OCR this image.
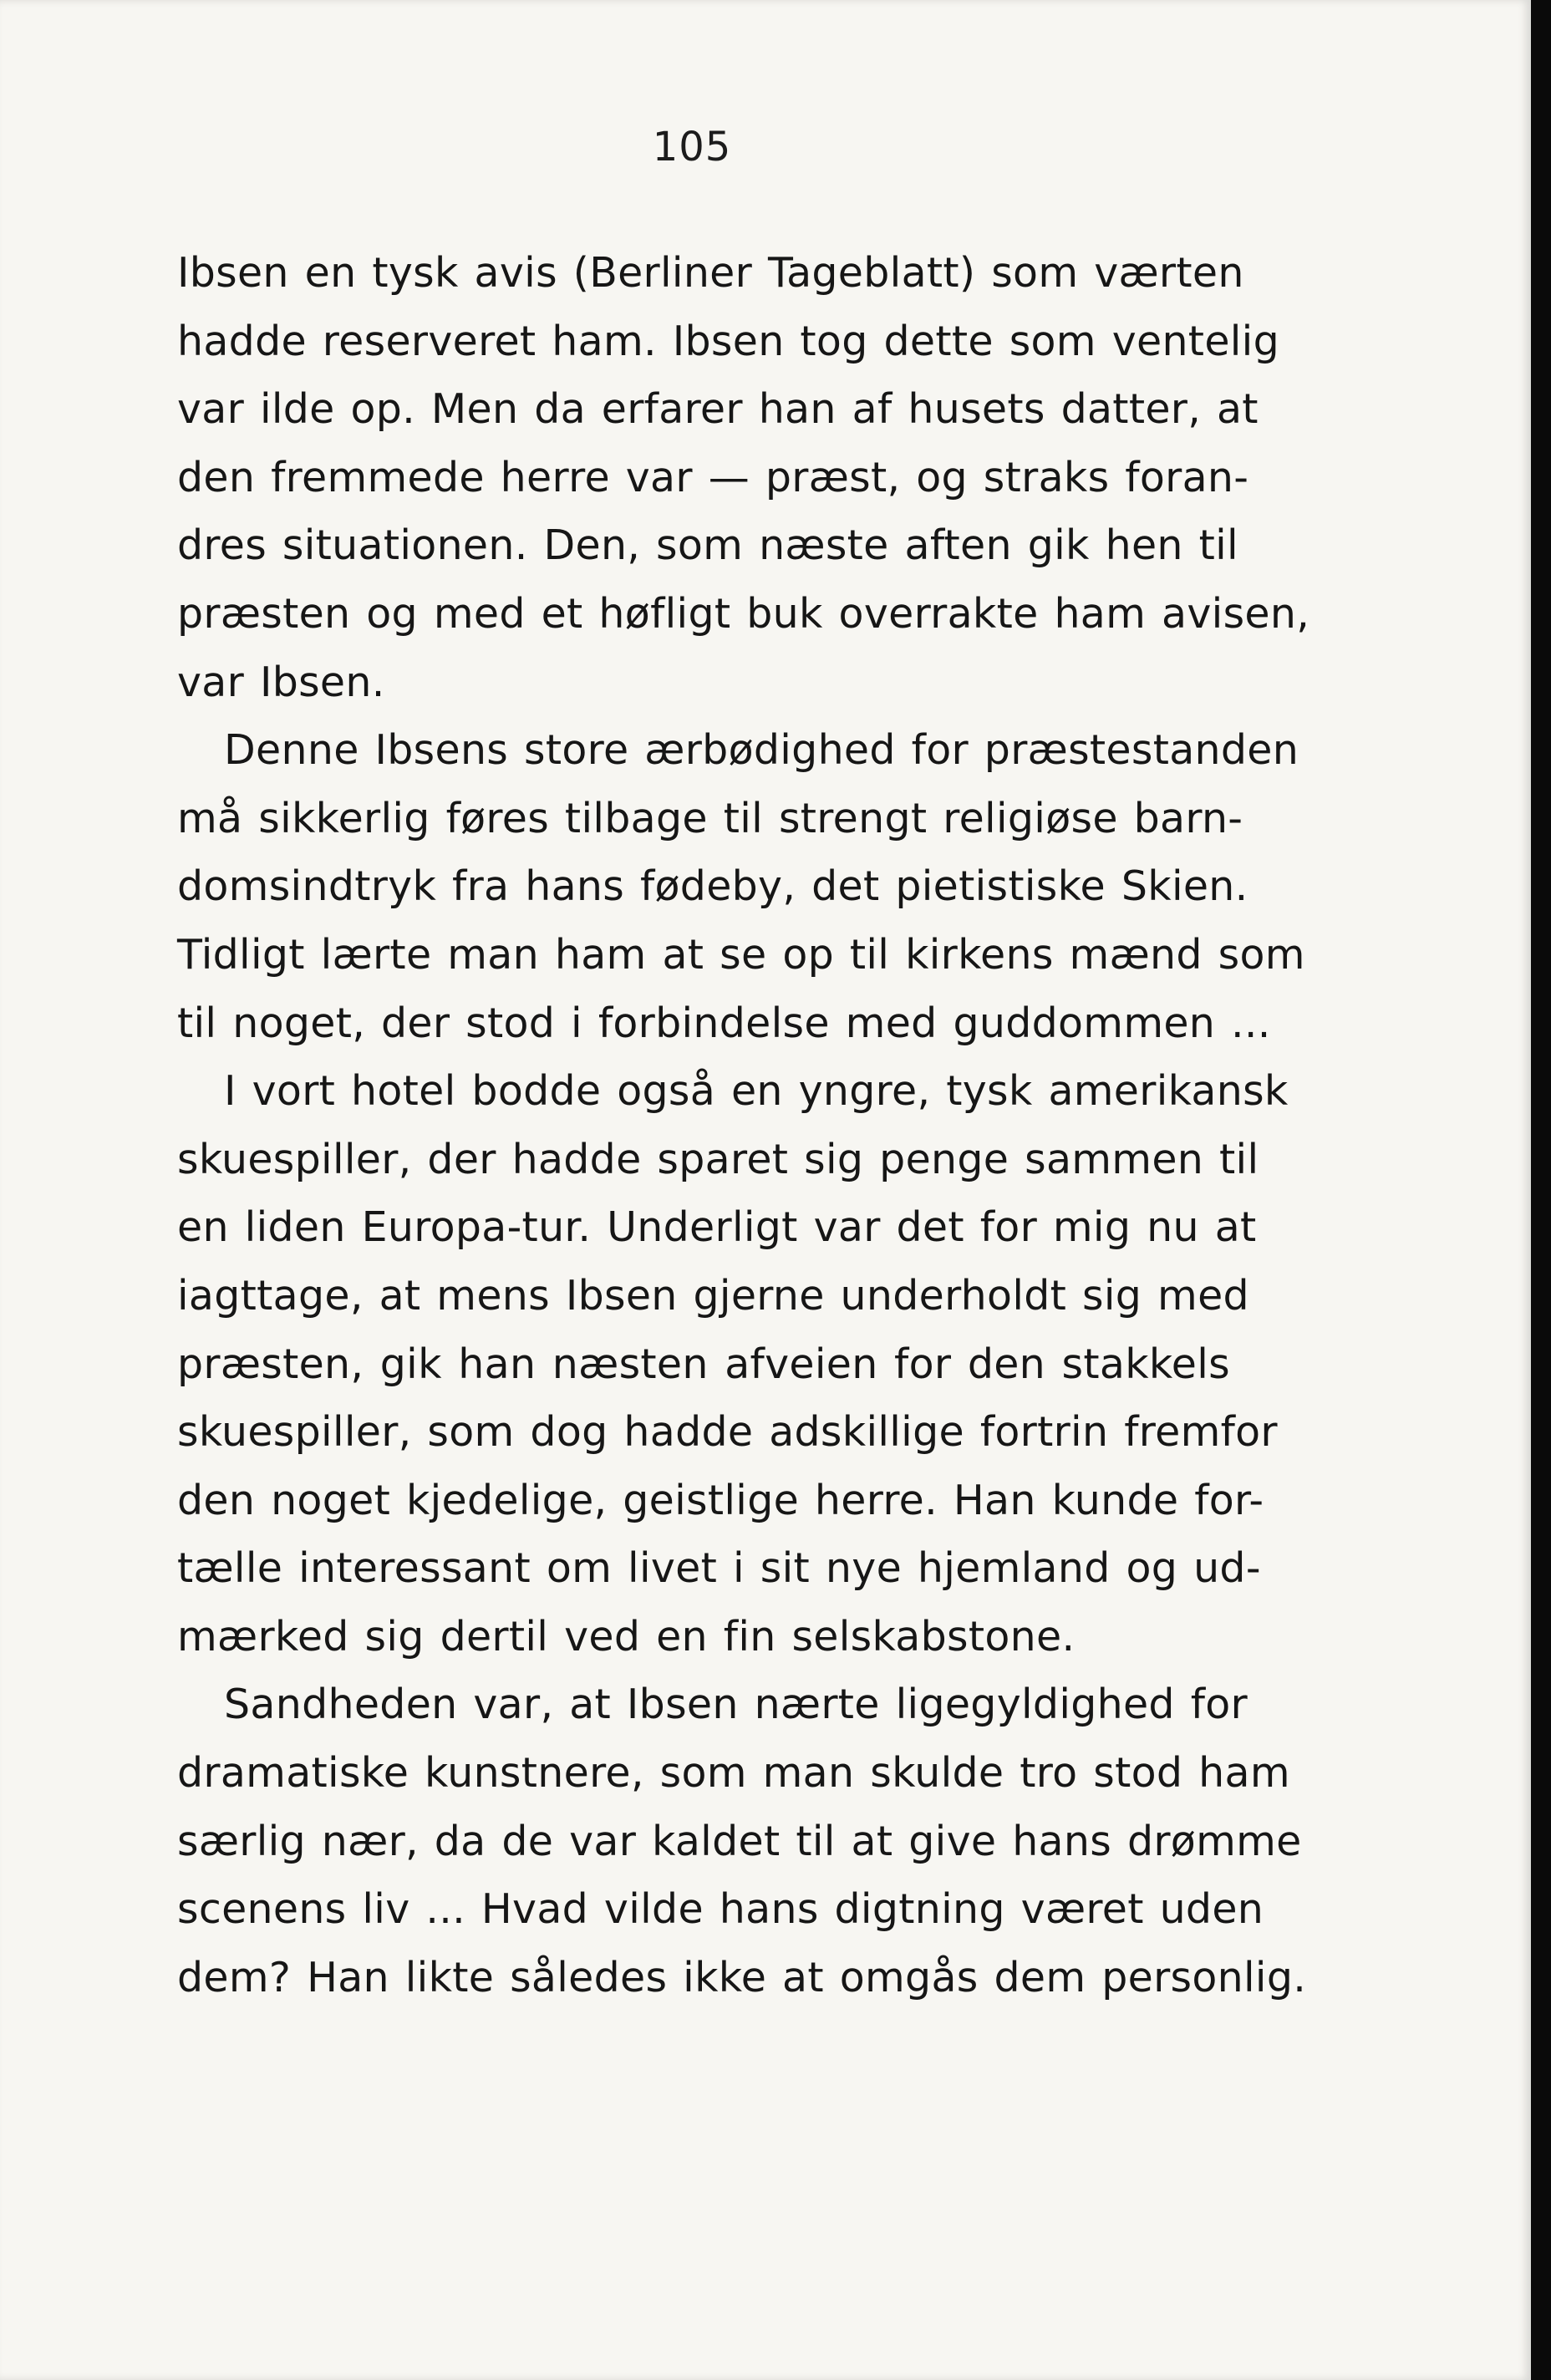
105
Ibsen en tysk avis (Berliner Tageblatt) som værten
hadde reserveret ham. Ibsen tog dette som ventelig
var ilde op. Men da erfarer han af husets datter, at
den fremmede herre var — præst, og straks foran-
dres situationen. Den, som næste aften gik hen til
præsten og med et høfligt buk overrakte ham avisen,
var Ibsen.
Denne Ibsens store ærbødighed for præstestanden
må sikkerlig føres tilbage til strengt religiøse barn-
domsindtryk fra hans fødeby, det pietistiske Skien.
Tidligt lærte man ham at se op til kirkens mænd som
til noget, der stod i forbindelse med guddommen ...
I vort hotel bodde også en yngre, tysk amerikansk
skuespiller, der hadde sparet sig penge sammen til
en liden Europa-tur. Underligt var det for mig nu at
iagttage, at mens Ibsen gjerne underholdt sig med
præsten, gik han næsten afveien for den stakkels
skuespiller, som dog hadde adskillige fortrin fremfor
den noget kjedelige, geistlige herre. Han kunde for-
tælle interessant om livet i sit nye hjemland og ud-
mærked sig dertil ved en fin selskabstone.
Sandheden var, at Ibsen nærte ligegyldighed for
dramatiske kunstnere, som man skulde tro stod ham
særlig nær, da de var kaldet til at give hans drømme
scenens liv ... Hvad vilde hans digtning været uden
dem? Han likte således ikke at omgås dem personlig.
